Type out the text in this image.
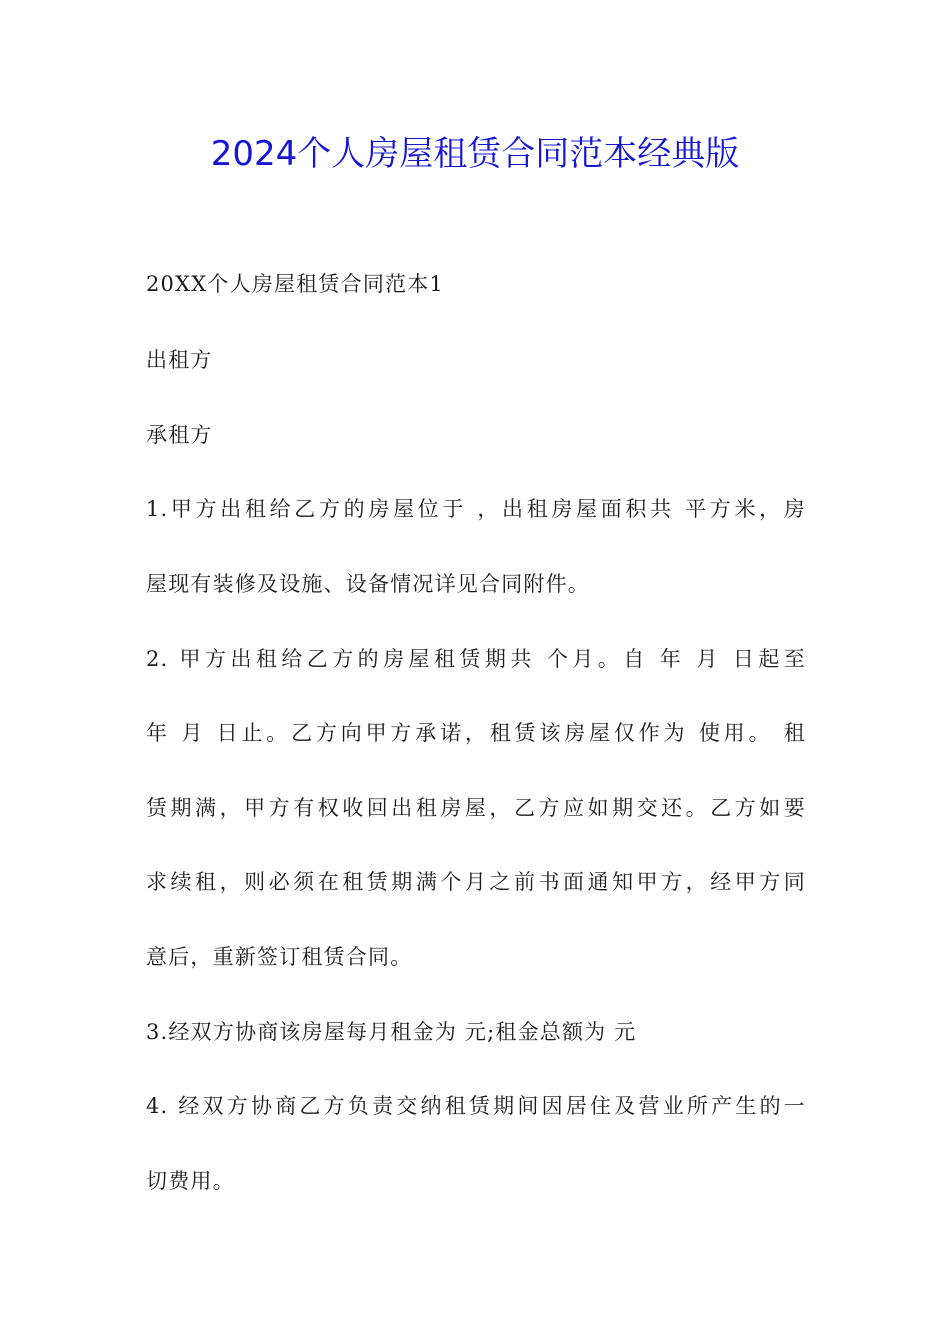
2024个人房屋租赁合同范本经典版
20XX个人房屋租赁合同范本1
出租方
承租方
1.甲方出租给乙方的房屋位于 ，出租房屋面积共 平方米，房
屋现有装修及设施、设备情况详见合同附件。
2. 甲方出租给乙方的房屋租赁期共 个月。自 年 月 日起至
年 月 日止。乙方向甲方承诺，租赁该房屋仅作为 使用。 租
赁期满，甲方有权收回出租房屋，乙方应如期交还。乙方如要
求续租，则必须在租赁期满个月之前书面通知甲方，经甲方同
意后，重新签订租赁合同。
3.经双方协商该房屋每月租金为 元;租金总额为 元
4. 经双方协商乙方负责交纳租赁期间因居住及营业所产生的一
切费用。
